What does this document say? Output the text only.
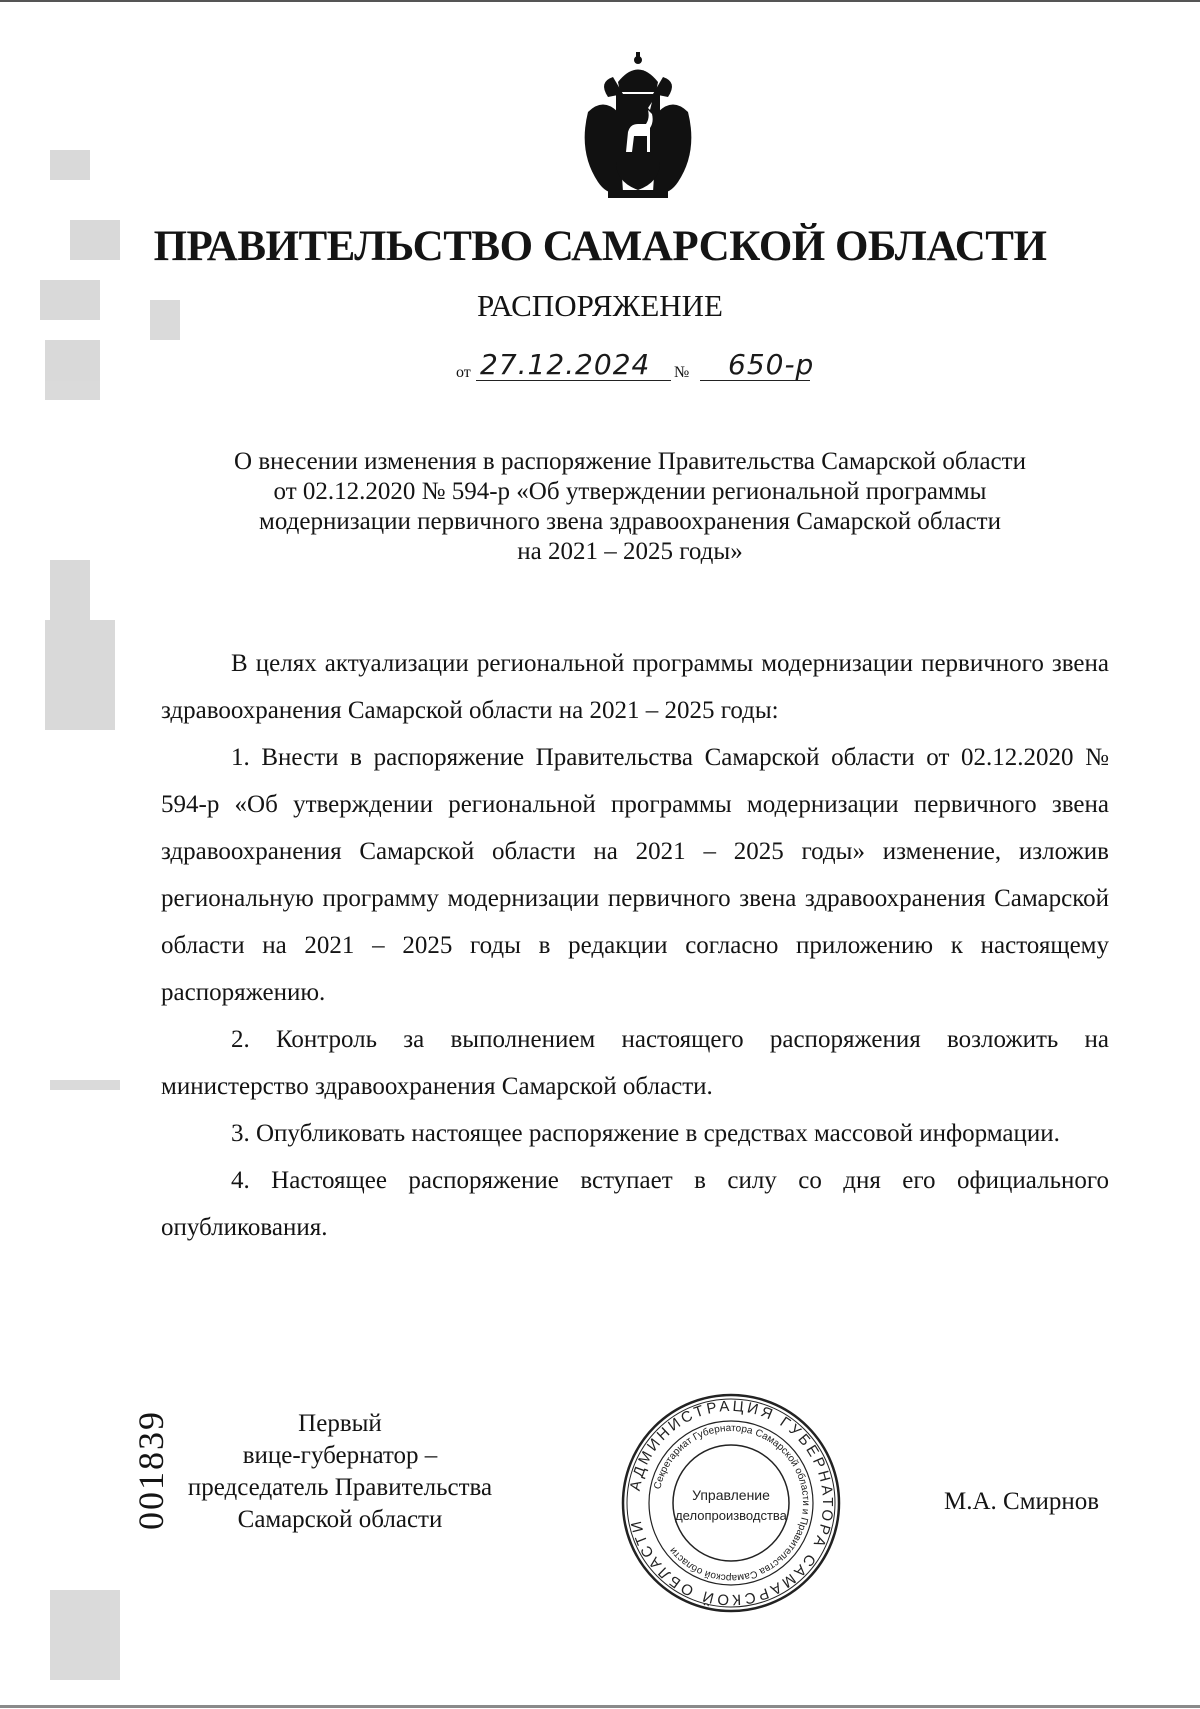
ПРАВИТЕЛЬСТВО САМАРСКОЙ ОБЛАСТИ
РАСПОРЯЖЕНИЕ
от 27.12.2024 № 650-р
О внесении изменения в распоряжение Правительства Самарской области
от 02.12.2020 № 594-р «Об утверждении региональной программы
модернизации первичного звена здравоохранения Самарской области
на 2021 – 2025 годы»

В целях актуализации региональной программы модернизации первичного звена здравоохранения Самарской области на 2021 – 2025 годы:

1. Внести в распоряжение Правительства Самарской области от 02.12.2020 № 594-р «Об утверждении региональной программы модернизации первичного звена здравоохранения Самарской области на 2021 – 2025 годы» изменение, изложив региональную программу модернизации первичного звена здравоохранения Самарской области на 2021 – 2025 годы в редакции согласно приложению к настоящему распоряжению.

2. Контроль за выполнением настоящего распоряжения возложить на министерство здравоохранения Самарской области.

3. Опубликовать настоящее распоряжение в средствах массовой информации.

4. Настоящее распоряжение вступает в силу со дня его официального опубликования.

Первый
вице-губернатор –
председатель Правительства
Самарской области
М.А. Смирнов
АДМИНИСТРАЦИЯ ГУБЕРНАТОРА САМАРСКОЙ ОБЛАСТИ
Секретариат Губернатора Самарской области и Правительства Самарской области
Управление
делопроизводства
001839
